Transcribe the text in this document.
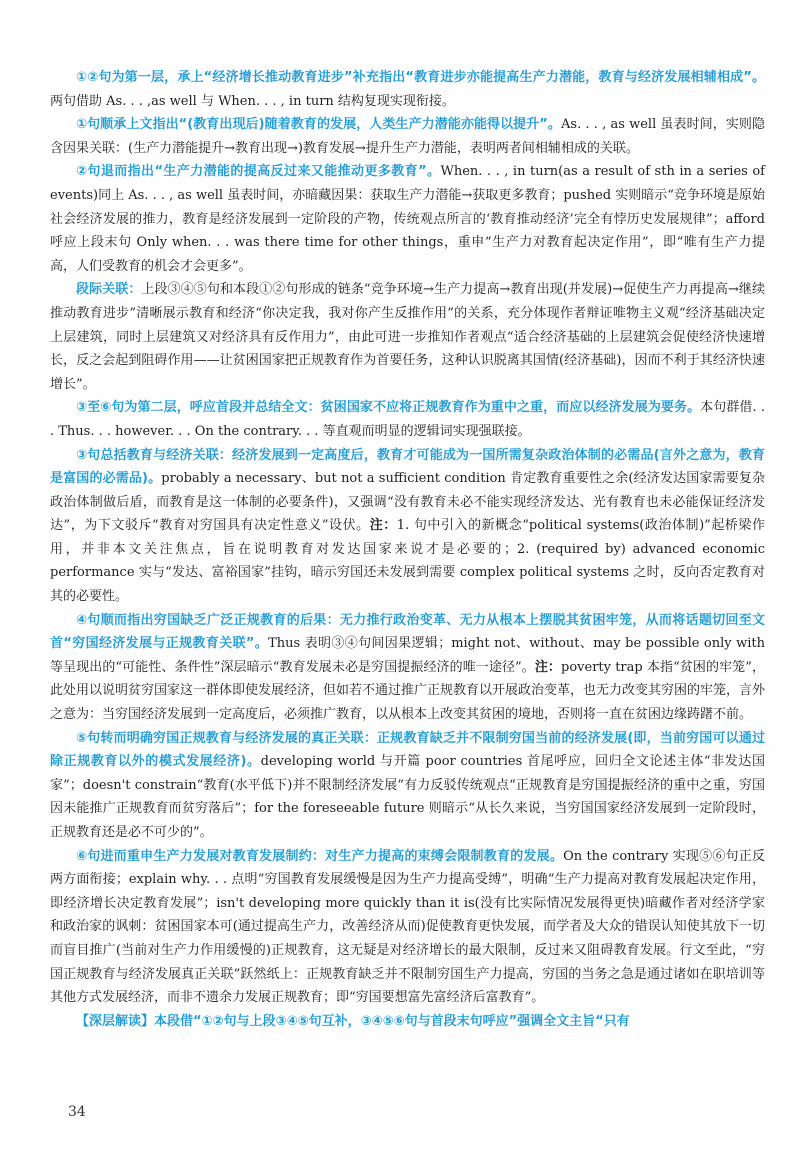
①②句为第一层，承上“经济增长推动教育进步”补充指出“教育进步亦能提高生产力潜能，教育与经济发展相辅相成”。两句借助 As. . . ,as well 与 When. . . , in turn 结构复现实现衔接。

①句顺承上文指出“(教育出现后)随着教育的发展，人类生产力潜能亦能得以提升”。As. . . , as well 虽表时间，实则隐含因果关联：(生产力潜能提升→教育出现→)教育发展→提升生产力潜能，表明两者间相辅相成的关联。

②句退而指出“生产力潜能的提高反过来又能推动更多教育”。When. . . , in turn(as a result of sth in a series of events)同上 As. . . , as well 虽表时间，亦暗藏因果：获取生产力潜能→获取更多教育；pushed 实则暗示“竞争环境是原始社会经济发展的推力，教育是经济发展到一定阶段的产物，传统观点所言的‘教育推动经济’完全有悖历史发展规律”；afford 呼应上段末句 Only when. . . was there time for other things，重申“生产力对教育起决定作用”，即“唯有生产力提高，人们受教育的机会才会更多”。

段际关联：上段③④⑤句和本段①②句形成的链条“竞争环境→生产力提高→教育出现(并发展)→促使生产力再提高→继续推动教育进步”清晰展示教育和经济“你决定我，我对你产生反推作用”的关系，充分体现作者辩证唯物主义观“经济基础决定上层建筑，同时上层建筑又对经济具有反作用力”，由此可进一步推知作者观点“适合经济基础的上层建筑会促使经济快速增长，反之会起到阻碍作用——让贫困国家把正规教育作为首要任务，这种认识脱离其国情(经济基础)，因而不利于其经济快速增长”。

③至⑥句为第二层，呼应首段并总结全文：贫困国家不应将正规教育作为重中之重，而应以经济发展为要务。本句群借. . . Thus. . . however. . . On the contrary. . . 等直观而明显的逻辑词实现强联接。

③句总括教育与经济关联：经济发展到一定高度后，教育才可能成为一国所需复杂政治体制的必需品(言外之意为，教育是富国的必需品)。probably a necessary、but not a sufficient condition 肯定教育重要性之余(经济发达国家需要复杂政治体制做后盾，而教育是这一体制的必要条件)，又强调“没有教育未必不能实现经济发达、光有教育也未必能保证经济发达”，为下文驳斥“教育对穷国具有决定性意义”设伏。注：1. 句中引入的新概念“political systems(政治体制)”起桥梁作用，并非本文关注焦点，旨在说明教育对发达国家来说才是必要的；2. (required by) advanced economic performance 实与“发达、富裕国家”挂钩，暗示穷国还未发展到需要 complex political systems 之时，反向否定教育对其的必要性。

④句顺而指出穷国缺乏广泛正规教育的后果：无力推行政治变革、无力从根本上摆脱其贫困牢笼，从而将话题切回至文首“穷国经济发展与正规教育关联”。Thus 表明③④句间因果逻辑；might not、without、may be possible only with 等呈现出的“可能性、条件性”深层暗示“教育发展未必是穷国提振经济的唯一途径”。注：poverty trap 本指“贫困的牢笼”，此处用以说明贫穷国家这一群体即使发展经济，但如若不通过推广正规教育以开展政治变革，也无力改变其穷困的牢笼，言外之意为：当穷国经济发展到一定高度后，必须推广教育，以从根本上改变其贫困的境地，否则将一直在贫困边缘踌躇不前。

⑤句转而明确穷国正规教育与经济发展的真正关联：正规教育缺乏并不限制穷国当前的经济发展(即，当前穷国可以通过除正规教育以外的模式发展经济)。developing world 与开篇 poor countries 首尾呼应，回归全文论述主体“非发达国家”；doesn't constrain“教育(水平低下)并不限制经济发展”有力反驳传统观点“正规教育是穷国提振经济的重中之重，穷国因未能推广正规教育而贫穷落后”；for the foreseeable future 则暗示“从长久来说，当穷国国家经济发展到一定阶段时，正规教育还是必不可少的”。

⑥句进而重申生产力发展对教育发展制约：对生产力提高的束缚会限制教育的发展。On the contrary 实现⑤⑥句正反两方面衔接；explain why. . . 点明“穷国教育发展缓慢是因为生产力提高受缚”，明确“生产力提高对教育发展起决定作用，即经济增长决定教育发展”；isn't developing more quickly than it is(没有比实际情况发展得更快)暗藏作者对经济学家和政治家的讽刺：贫困国家本可(通过提高生产力，改善经济从而)促使教育更快发展，而学者及大众的错误认知使其放下一切而盲目推广(当前对生产力作用缓慢的)正规教育，这无疑是对经济增长的最大限制，反过来又阻碍教育发展。行文至此，“穷国正规教育与经济发展真正关联”跃然纸上：正规教育缺乏并不限制穷国生产力提高，穷国的当务之急是通过诸如在职培训等其他方式发展经济，而非不遗余力发展正规教育；即“穷国要想富先富经济后富教育”。

【深层解读】本段借“①②句与上段③④⑤句互补，③④⑤⑥句与首段末句呼应”强调全文主旨“只有

34
